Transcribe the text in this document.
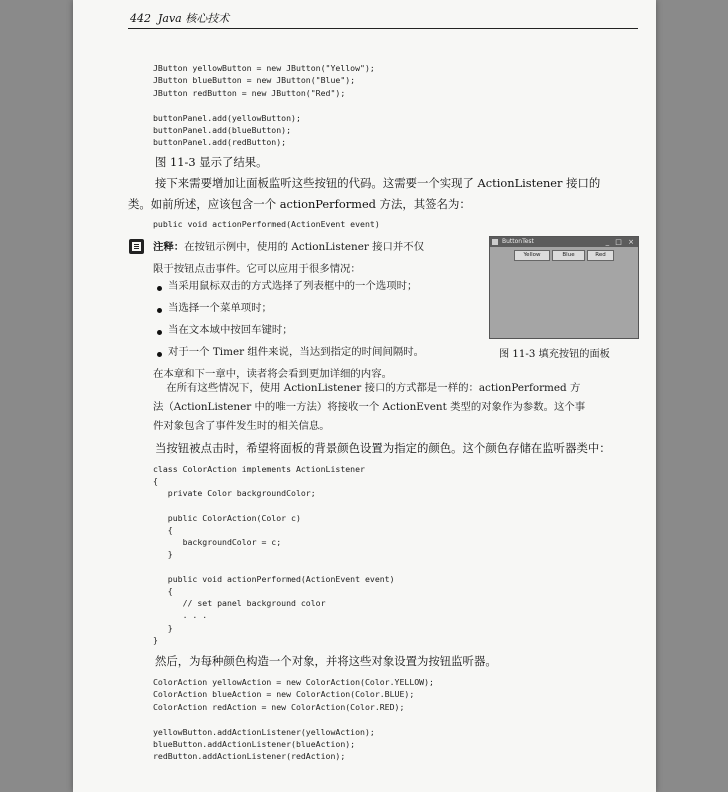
442 Java 核心技术
JButton yellowButton = new JButton("Yellow");
JButton blueButton = new JButton("Blue");
JButton redButton = new JButton("Red");

buttonPanel.add(yellowButton);
buttonPanel.add(blueButton);
buttonPanel.add(redButton);
图 11-3 显示了结果。
接下来需要增加让面板监听这些按钮的代码。这需要一个实现了 ActionListener 接口的
类。如前所述，应该包含一个 actionPerformed 方法，其签名为：
public void actionPerformed(ActionEvent event)
注释：在按钮示例中，使用的 ActionListener 接口并不仅
限于按钮点击事件。它可以应用于很多情况：
当采用鼠标双击的方式选择了列表框中的一个选项时；
当选择一个菜单项时；
当在文本域中按回车键时；
对于一个 Timer 组件来说，当达到指定的时间间隔时。
在本章和下一章中，读者将会看到更加详细的内容。
在所有这些情况下，使用 ActionListener 接口的方式都是一样的：actionPerformed 方
法（ActionListener 中的唯一方法）将接收一个 ActionEvent 类型的对象作为参数。这个事
件对象包含了事件发生时的相关信息。
ButtonTest	_ □ ×
Yellow	Blue	Red
图 11-3 填充按钮的面板
当按钮被点击时，希望将面板的背景颜色设置为指定的颜色。这个颜色存储在监听器类中：
class ColorAction implements ActionListener
{
private Color backgroundColor;

public ColorAction(Color c)
{
backgroundColor = c;
}

public void actionPerformed(ActionEvent event)
{
// set panel background color
. . .
}
}
然后，为每种颜色构造一个对象，并将这些对象设置为按钮监听器。
ColorAction yellowAction = new ColorAction(Color.YELLOW);
ColorAction blueAction = new ColorAction(Color.BLUE);
ColorAction redAction = new ColorAction(Color.RED);

yellowButton.addActionListener(yellowAction);
blueButton.addActionListener(blueAction);
redButton.addActionListener(redAction);
